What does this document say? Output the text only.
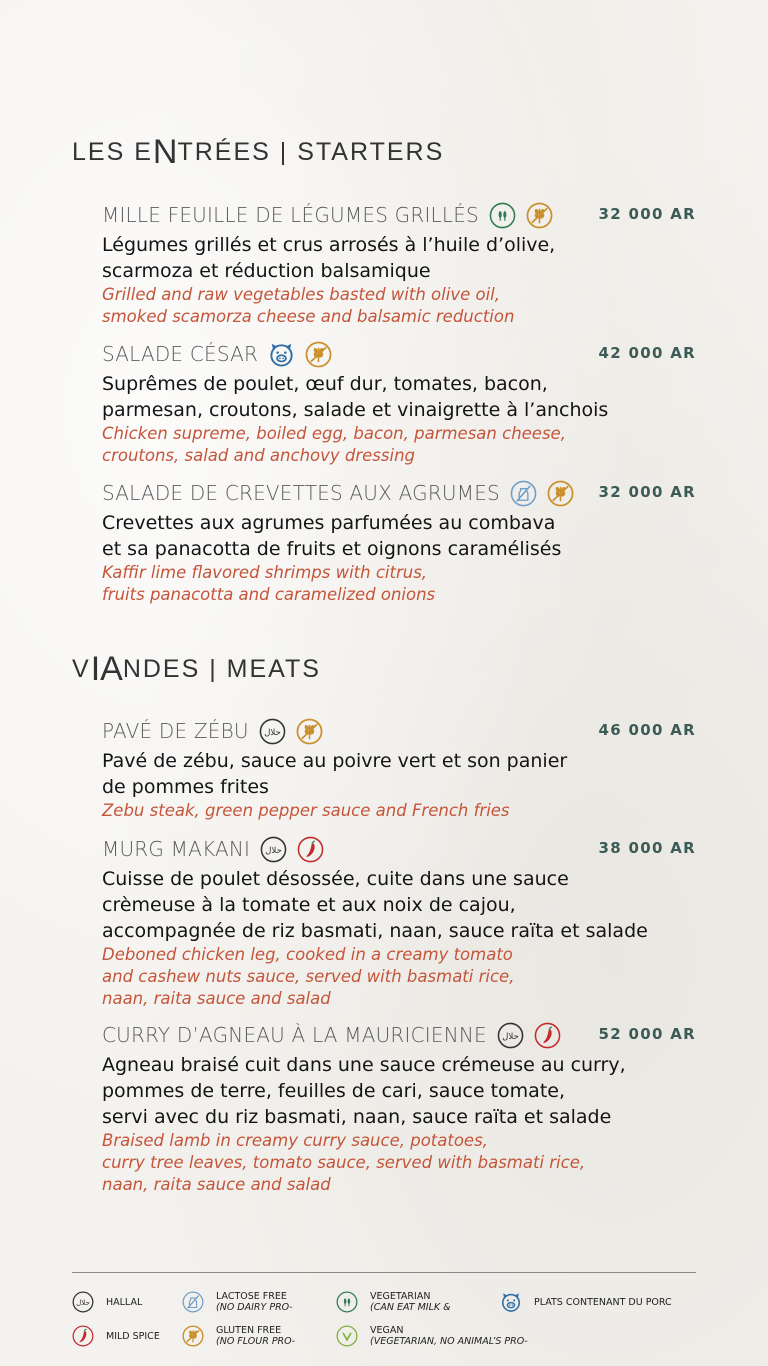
LES E N T RÉES | STARTERS
MILLE FEUILLE DE LÉGUMES GRILLÉS	32 000 AR
Légumes grillés et crus arrosés à l’huile d’olive,
scarmoza et réduction balsamique
Grilled and raw vegetables basted with olive oil,
smoked scamorza cheese and balsamic reduction
SALADE CÉSAR	42 000 AR
Suprêmes de poulet, œuf dur, tomates, bacon,
parmesan, croutons, salade et vinaigrette à l’anchois
Chicken supreme, boiled egg, bacon, parmesan cheese,
croutons, salad and anchovy dressing
SALADE DE CREVETTES AUX AGRUMES	32 000 AR
Crevettes aux agrumes parfumées au combava
et sa panacotta de fruits et oignons caramélisés
Kaffir lime flavored shrimps with citrus,
fruits panacotta and caramelized onions
V IA NDES | MEATS
PAVÉ DE ZÉBU حلال	46 000 AR
Pavé de zébu, sauce au poivre vert et son panier
de pommes frites
Zebu steak, green pepper sauce and French fries
MURG MAKANI حلال	38 000 AR
Cuisse de poulet désossée, cuite dans une sauce
crèmeuse à la tomate et aux noix de cajou,
accompagnée de riz basmati, naan, sauce raïta et salade
Deboned chicken leg, cooked in a creamy tomato
and cashew nuts sauce, served with basmati rice,
naan, raita sauce and salad
CURRY D’AGNEAU À LA MAURICIENNE حلال	52 000 AR
Agneau braisé cuit dans une sauce crémeuse au curry,
pommes de terre, feuilles de cari, sauce tomate,
servi avec du riz basmati, naan, sauce raïta et salade
Braised lamb in creamy curry sauce, potatoes,
curry tree leaves, tomato sauce, served with basmati rice,
naan, raita sauce and salad
حلال HALLAL	LACTOSE FREE
(NO DAIRY PRO-
VEGETARIAN
(CAN EAT MILK &	PLATS CONTENANT DU PORC
MILD SPICE	GLUTEN FREE
(NO FLOUR PRO-
VEGAN
(VEGETARIAN, NO ANIMAL’S PRO-
